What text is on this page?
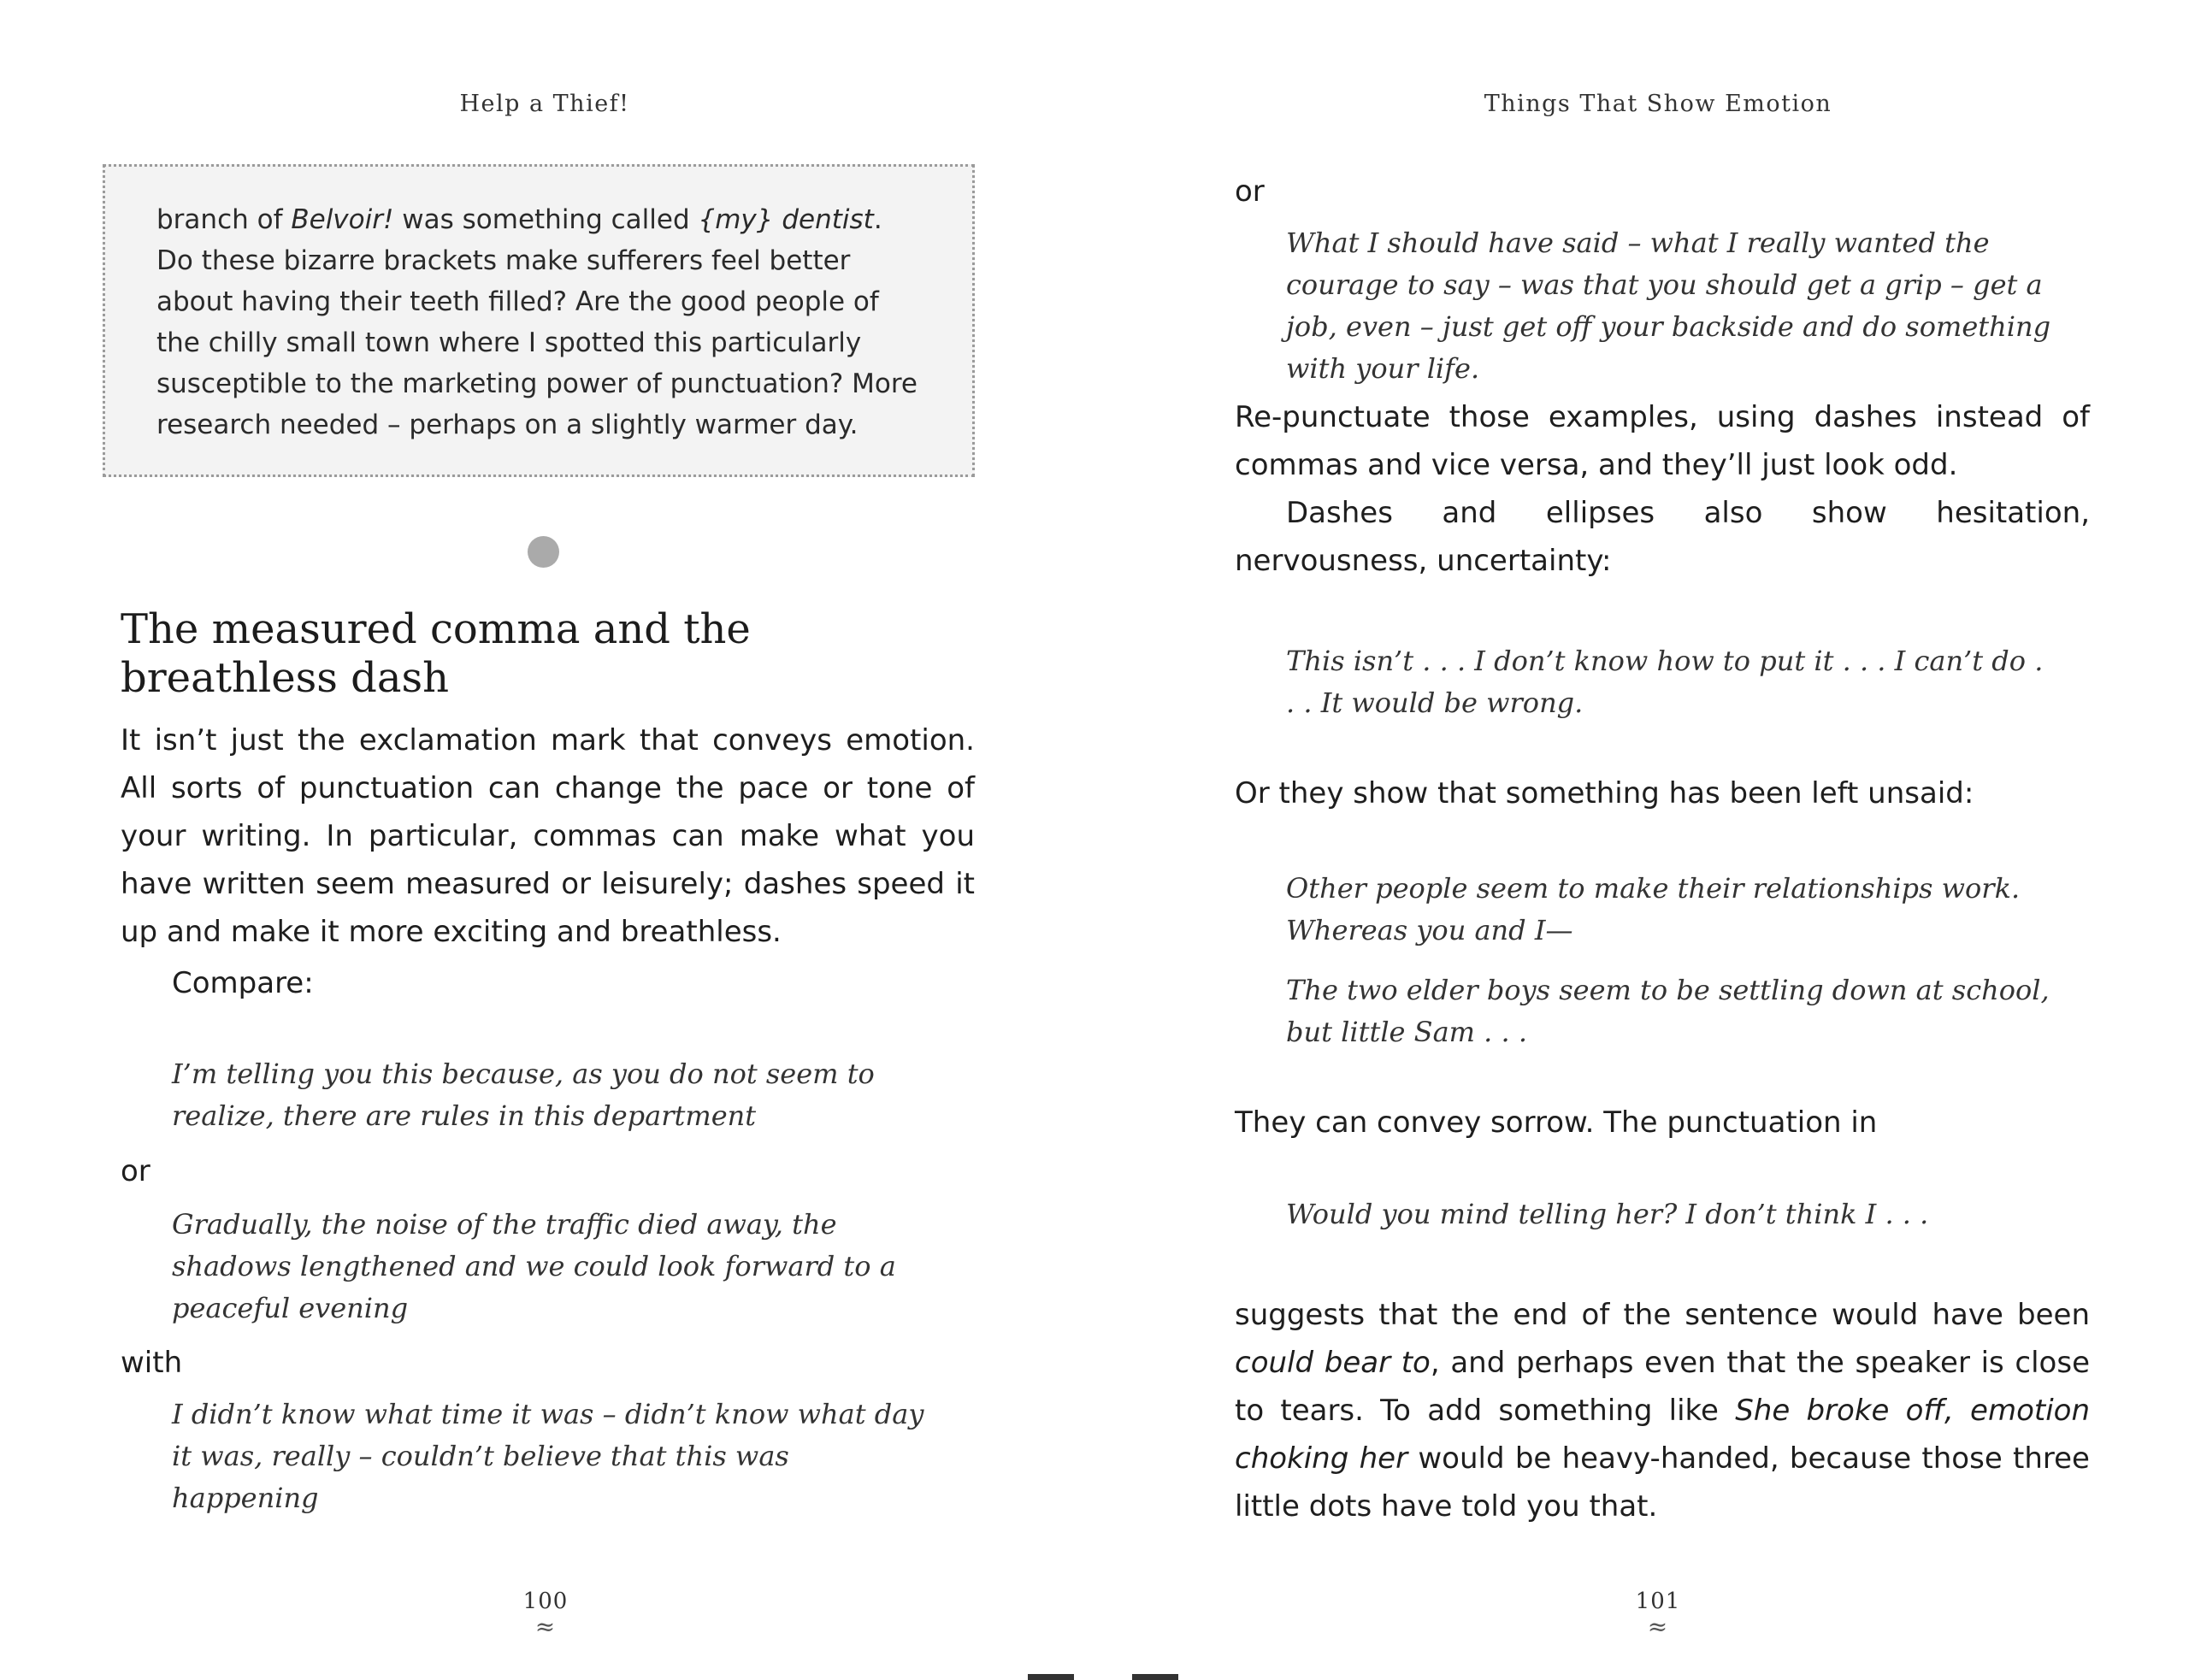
Help a Thief!

branch of Belvoir! was something called {my} dentist. Do these bizarre brackets make sufferers feel better about having their teeth filled? Are the good people of the chilly small town where I spotted this particularly susceptible to the marketing power of punctuation? More research needed – perhaps on a slightly warmer day.

The measured comma and the breathless dash

It isn’t just the exclamation mark that conveys emotion. All sorts of punctuation can change the pace or tone of your writing. In particular, commas can make what you have written seem measured or leisurely; dashes speed it up and make it more exciting and breathless.

Compare:

I’m telling you this because, as you do not seem to realize, there are rules in this department

or

Gradually, the noise of the traffic died away, the shadows lengthened and we could look forward to a peaceful evening

with

I didn’t know what time it was – didn’t know what day it was, really – couldn’t believe that this was happening

100
≈
Things That Show Emotion

or

What I should have said – what I really wanted the courage to say – was that you should get a grip – get a job, even – just get off your backside and do something with your life.

Re-punctuate those examples, using dashes instead of commas and vice versa, and they’ll just look odd.

Dashes and ellipses also show hesitation, nervousness, uncertainty:

This isn’t . . . I don’t know how to put it . . . I can’t do . . . It would be wrong.

Or they show that something has been left unsaid:

Other people seem to make their relationships work. Whereas you and I—

The two elder boys seem to be settling down at school, but little Sam . . .

They can convey sorrow. The punctuation in

Would you mind telling her? I don’t think I . . .

suggests that the end of the sentence would have been could bear to, and perhaps even that the speaker is close to tears. To add something like She broke off, emotion choking her would be heavy-handed, because those three little dots have told you that.

101
≈
